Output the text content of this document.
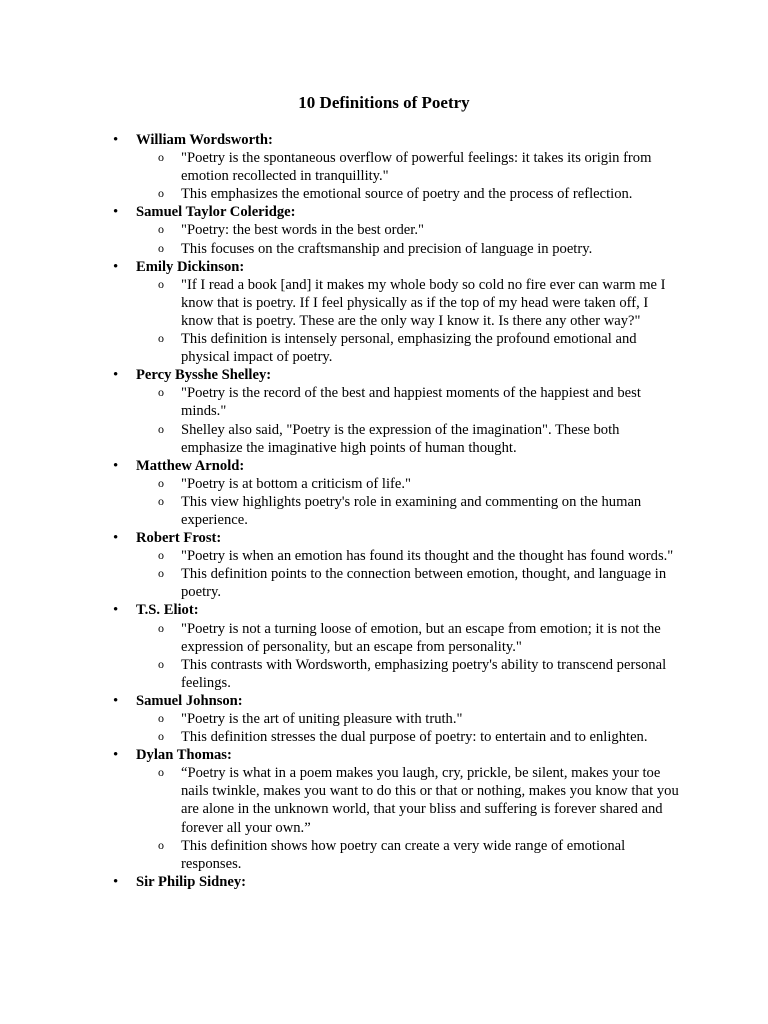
10 Definitions of Poetry
• William Wordsworth:
o "Poetry is the spontaneous overflow of powerful feelings: it takes its origin from emotion recollected in tranquillity."
o This emphasizes the emotional source of poetry and the process of reflection.
• Samuel Taylor Coleridge:
o "Poetry: the best words in the best order."
o This focuses on the craftsmanship and precision of language in poetry.
• Emily Dickinson:
o "If I read a book [and] it makes my whole body so cold no fire ever can warm me I know that is poetry. If I feel physically as if the top of my head were taken off, I know that is poetry. These are the only way I know it. Is there any other way?"
o This definition is intensely personal, emphasizing the profound emotional and physical impact of poetry.
• Percy Bysshe Shelley:
o "Poetry is the record of the best and happiest moments of the happiest and best minds."
o Shelley also said, "Poetry is the expression of the imagination". These both emphasize the imaginative high points of human thought.
• Matthew Arnold:
o "Poetry is at bottom a criticism of life."
o This view highlights poetry's role in examining and commenting on the human experience.
• Robert Frost:
o "Poetry is when an emotion has found its thought and the thought has found words."
o This definition points to the connection between emotion, thought, and language in poetry.
• T.S. Eliot:
o "Poetry is not a turning loose of emotion, but an escape from emotion; it is not the expression of personality, but an escape from personality."
o This contrasts with Wordsworth, emphasizing poetry's ability to transcend personal feelings.
• Samuel Johnson:
o "Poetry is the art of uniting pleasure with truth."
o This definition stresses the dual purpose of poetry: to entertain and to enlighten.
• Dylan Thomas:
o “Poetry is what in a poem makes you laugh, cry, prickle, be silent, makes your toe nails twinkle, makes you want to do this or that or nothing, makes you know that you are alone in the unknown world, that your bliss and suffering is forever shared and forever all your own.”
o This definition shows how poetry can create a very wide range of emotional responses.
• Sir Philip Sidney:
